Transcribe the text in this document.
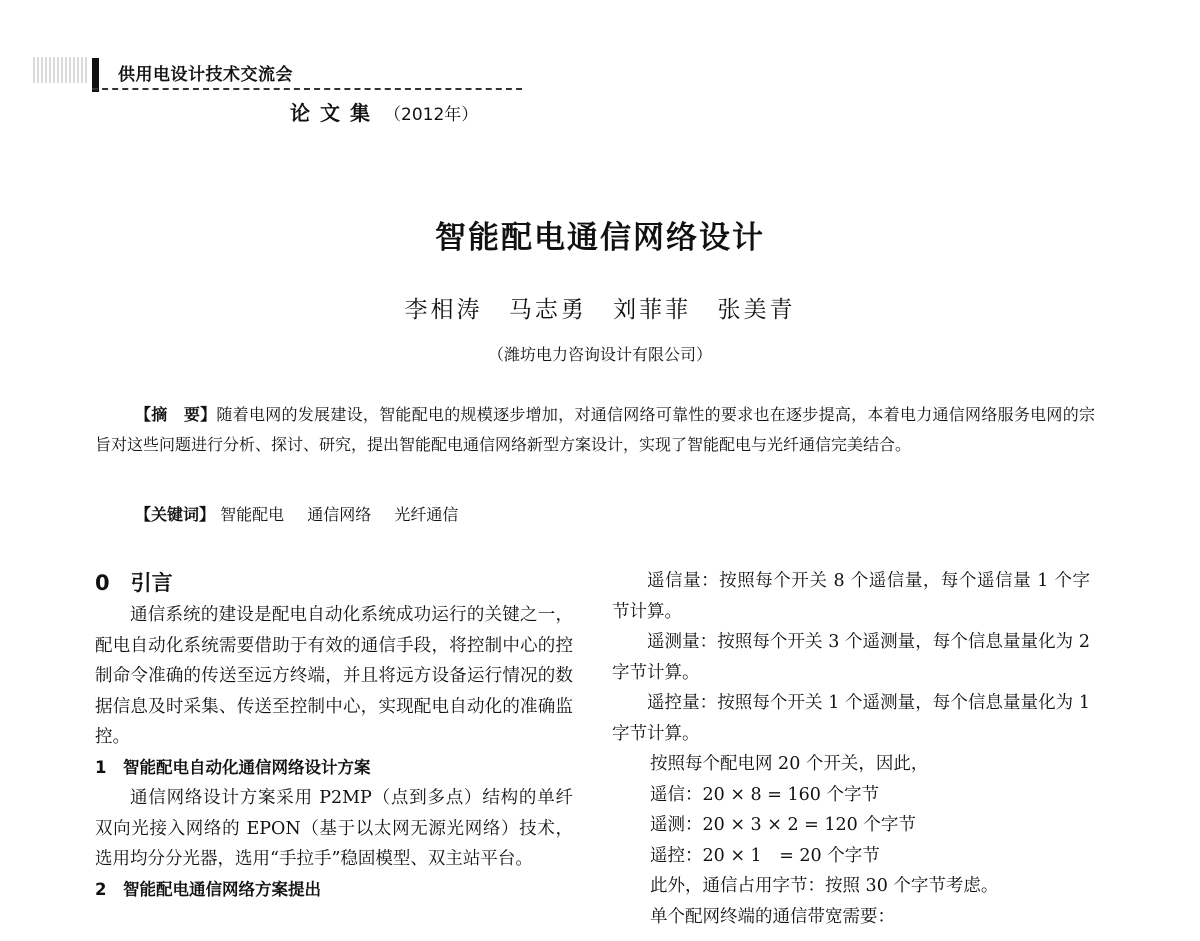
供用电设计技术交流会
论文集 （2012年）
智能配电通信网络设计
李相涛 马志勇 刘菲菲 张美青
（潍坊电力咨询设计有限公司）
【摘　要】随着电网的发展建设，智能配电的规模逐步增加，对通信网络可靠性的要求也在逐步提高，本着电力通信网络服务电网的宗旨对这些问题进行分析、探讨、研究，提出智能配电通信网络新型方案设计，实现了智能配电与光纤通信完美结合。
【关键词】 智能配电 通信网络 光纤通信

0　引言

通信系统的建设是配电自动化系统成功运行的关键之一，配电自动化系统需要借助于有效的通信手段，将控制中心的控制命令准确的传送至远方终端，并且将远方设备运行情况的数据信息及时采集、传送至控制中心，实现配电自动化的准确监控。

1　智能配电自动化通信网络设计方案

通信网络设计方案采用 P2MP（点到多点）结构的单纤双向光接入网络的 EPON（基于以太网无源光网络）技术，选用均分分光器，选用“手拉手”稳固模型、双主站平台。

2　智能配电通信网络方案提出

遥信量：按照每个开关 8 个遥信量，每个遥信量 1 个字节计算。

遥测量：按照每个开关 3 个遥测量，每个信息量量化为 2 字节计算。

遥控量：按照每个开关 1 个遥测量，每个信息量量化为 1 字节计算。

按照每个配电网 20 个开关，因此，

遥信：20 × 8 = 160 个字节

遥测：20 × 3 × 2 = 120 个字节

遥控：20 × 1　= 20 个字节

此外，通信占用字节：按照 30 个字节考虑。

单个配网终端的通信带宽需要：
